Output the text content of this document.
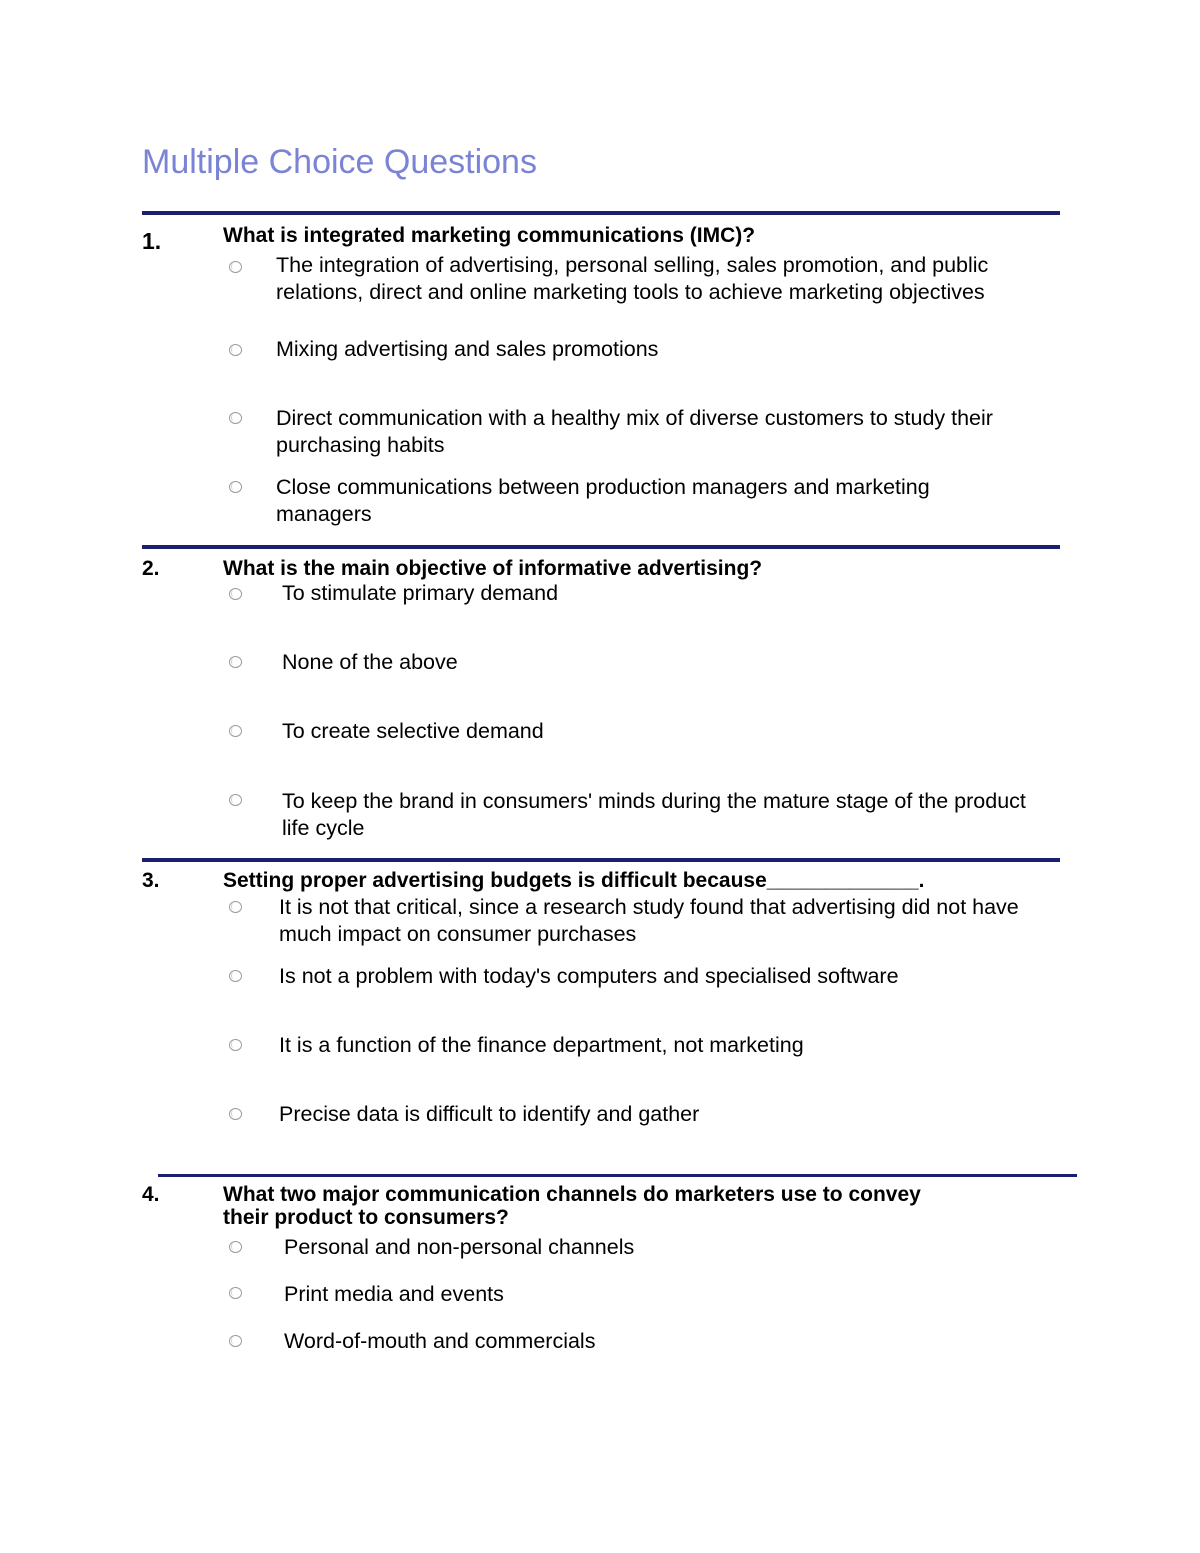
Multiple Choice Questions
1.	What is integrated marketing communications (IMC)?
The integration of advertising, personal selling, sales promotion, and public relations, direct and online marketing tools to achieve marketing objectives
Mixing advertising and sales promotions
Direct communication with a healthy mix of diverse customers to study their purchasing habits
Close communications between production managers and marketing managers
2.	What is the main objective of informative advertising?
To stimulate primary demand
None of the above
To create selective demand
To keep the brand in consumers' minds during the mature stage of the product life cycle
3.	Setting proper advertising budgets is difficult because_____________.
It is not that critical, since a research study found that advertising did not have much impact on consumer purchases
Is not a problem with today's computers and specialised software
It is a function of the finance department, not marketing
Precise data is difficult to identify and gather
4.	What two major communication channels do marketers use to convey their product to consumers?
Personal and non-personal channels
Print media and events
Word-of-mouth and commercials
